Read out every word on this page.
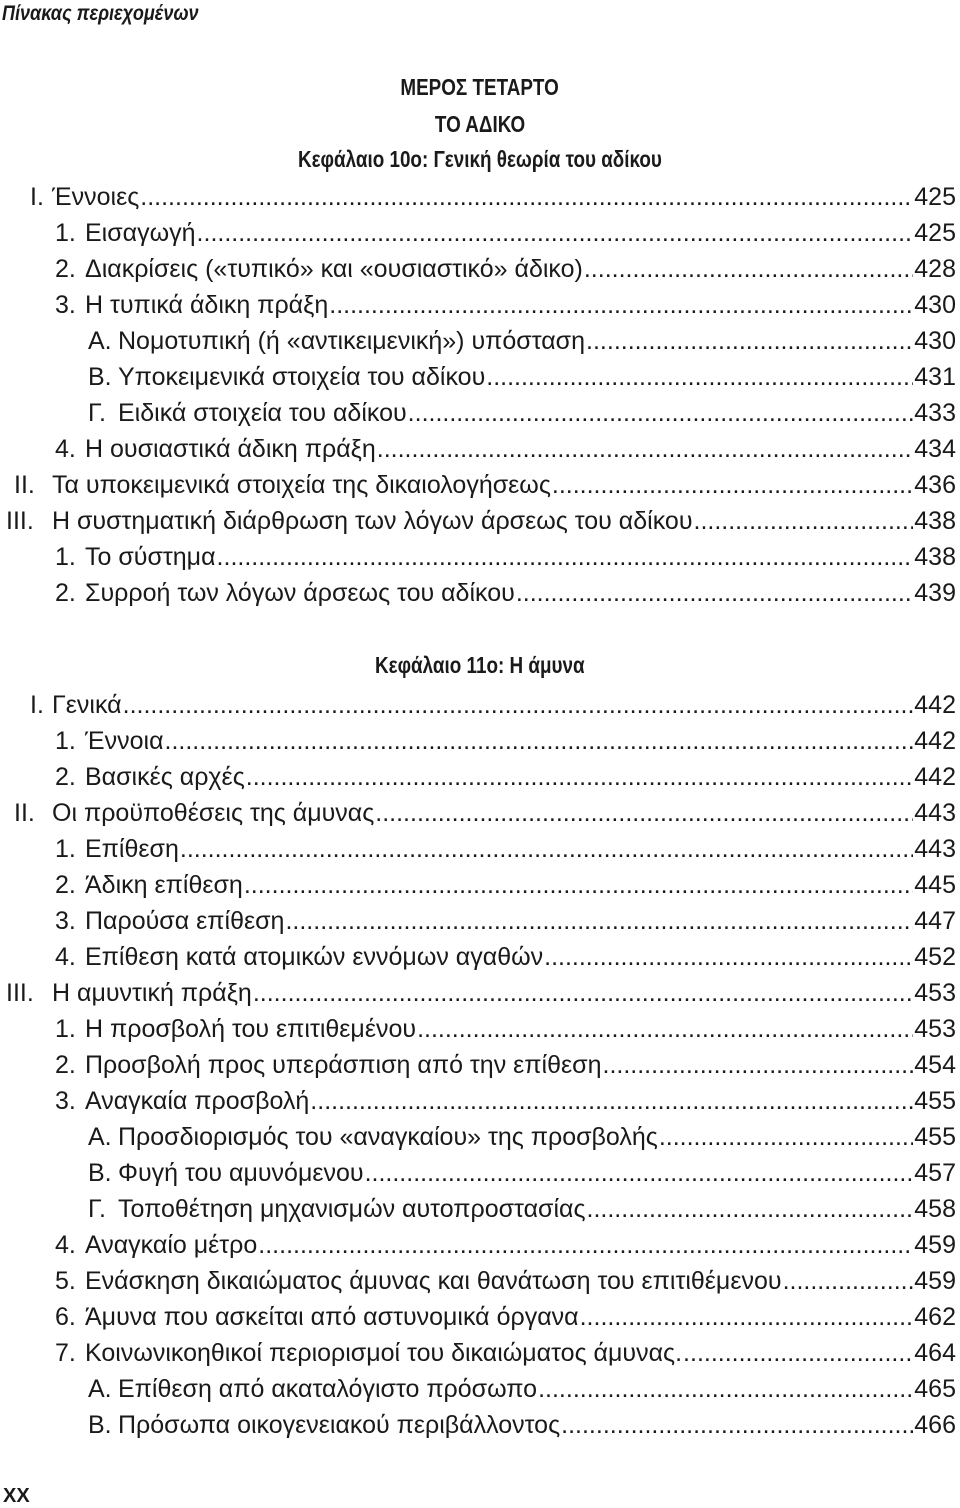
Πίνακας περιεχομένων
ΜΕΡΟΣ ΤΕΤΑΡΤΟ
ΤΟ ΑΔΙΚΟ
Κεφάλαιο 10ο: Γενική θεωρία του αδίκου
Ι. Έννοιες .....	425
1. Εισαγωγή .....	425
2. Διακρίσεις («τυπικό» και «ουσιαστικό» άδικο) .....	428
3. Η τυπικά άδικη πράξη .....	430
Α. Νομοτυπική (ή «αντικειμενική») υπόσταση .....	430
Β. Υποκειμενικά στοιχεία του αδίκου .....	431
Γ. Ειδικά στοιχεία του αδίκου .....	433
4. Η ουσιαστικά άδικη πράξη .....	434
ΙΙ. Τα υποκειμενικά στοιχεία της δικαιολογήσεως .....	436
ΙΙΙ. Η συστηματική διάρθρωση των λόγων άρσεως του αδίκου .....	438
1. Το σύστημα .....	438
2. Συρροή των λόγων άρσεως του αδίκου .....	439
Ι. Γενικά .....	442
1. Έννοια .....	442
2. Βασικές αρχές .....	442
ΙΙ. Οι προϋποθέσεις της άμυνας .....	443
1. Επίθεση .....	443
2. Άδικη επίθεση .....	445
3. Παρούσα επίθεση .....	447
4. Επίθεση κατά ατομικών εννόμων αγαθών .....	452
ΙΙΙ. Η αμυντική πράξη .....	453
1. Η προσβολή του επιτιθεμένου .....	453
2. Προσβολή προς υπεράσπιση από την επίθεση .....	454
3. Αναγκαία προσβολή .....	455
Α. Προσδιορισμός του «αναγκαίου» της προσβολής .....	455
Β. Φυγή του αμυνόμενου .....	457
Γ. Τοποθέτηση μηχανισμών αυτοπροστασίας .....	458
4. Αναγκαίο μέτρο .....	459
5. Ενάσκηση δικαιώματος άμυνας και θανάτωση του επιτιθέμενου .....	459
6. Άμυνα που ασκείται από αστυνομικά όργανα .....	462
7. Κοινωνικοηθικοί περιορισμοί του δικαιώματος άμυνας. .....	464
Α. Επίθεση από ακαταλόγιστο πρόσωπο .....	465
Β. Πρόσωπα οικογενειακού περιβάλλοντος .....	466
Κεφάλαιο 11ο: Η άμυνα
XX
